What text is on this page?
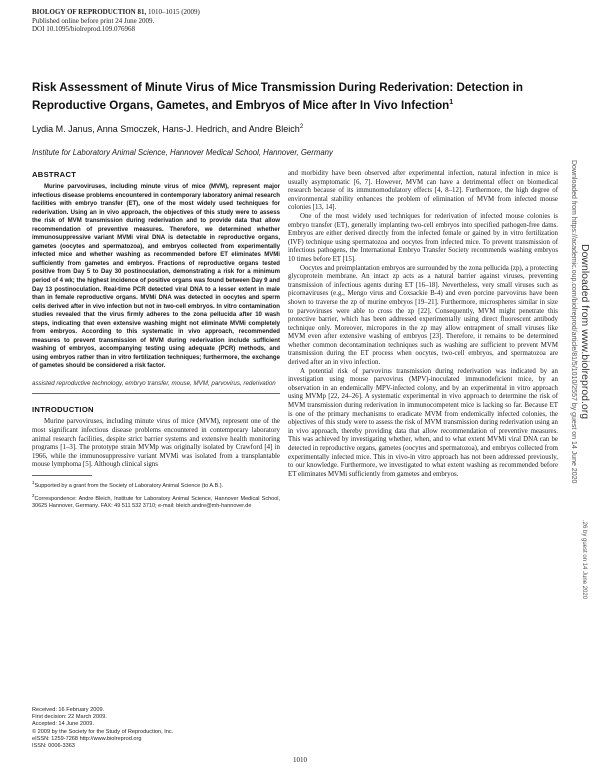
BIOLOGY OF REPRODUCTION 81, 1010–1015 (2009)
Published online before print 24 June 2009.
DOI 10.1095/biolreprod.109.076968
Risk Assessment of Minute Virus of Mice Transmission During Rederivation: Detection in Reproductive Organs, Gametes, and Embryos of Mice after In Vivo Infection$^1$
Lydia M. Janus, Anna Smoczek, Hans-J. Hedrich, and Andre Bleich$^2$
Institute for Laboratory Animal Science, Hannover Medical School, Hannover, Germany
ABSTRACT

Murine parvoviruses, including minute virus of mice (MVM), represent major infectious disease problems encountered in contemporary laboratory animal research facilities with embryo transfer (ET), one of the most widely used techniques for rederivation. Using an in vivo approach, the objectives of this study were to assess the risk of MVM transmission during rederivation and to provide data that allow recommendation of preventive measures. Therefore, we determined whether immunosuppressive variant MVMi viral DNA is detectable in reproductive organs, gametes (oocytes and spermatozoa), and embryos collected from experimentally infected mice and whether washing as recommended before ET eliminates MVMi sufficiently from gametes and embryos. Fractions of reproductive organs tested positive from Day 5 to Day 30 postinoculation, demonstrating a risk for a minimum period of 4 wk; the highest incidence of positive organs was found between Day 9 and Day 13 postinoculation. Real-time PCR detected viral DNA to a lesser extent in male than in female reproductive organs. MVMi DNA was detected in oocytes and sperm cells derived after in vivo infection but not in two-cell embryos. In vitro contamination studies revealed that the virus firmly adheres to the zona pellucida after 10 wash steps, indicating that even extensive washing might not eliminate MVMi completely from embryos. According to this systematic in vivo approach, recommended measures to prevent transmission of MVM during rederivation include sufficient washing of embryos, accompanying testing using adequate (PCR) methods, and using embryos rather than in vitro fertilization techniques; furthermore, the exchange of gametes should be considered a risk factor.

assisted reproductive technology, embryo transfer, mouse, MVM, parvovirus, rederivation

INTRODUCTION

Murine parvoviruses, including minute virus of mice (MVM), represent one of the most significant infectious disease problems encountered in contemporary laboratory animal research facilities, despite strict barrier systems and extensive health monitoring programs [1–3]. The prototype strain MVMp was originally isolated by Crawford [4] in 1966, while the immunosuppressive variant MVMi was isolated from a transplantable mouse lymphoma [5]. Although clinical signs

$^1$Supported by a grant from the Society of Laboratory Animal Science (to A.B.).

$^2$Correspondence: Andre Bleich, Institute for Laboratory Animal Science, Hannover Medical School, 30625 Hannover, Germany. FAX: 49 511 532 3710; e-mail: bleich.andre@mh-hannover.de

Received: 16 February 2009.
First decision: 22 March 2009.
Accepted: 14 June 2009.
© 2009 by the Society for the Study of Reproduction, Inc.
eISSN: 1259-7268 http://www.biolreprod.org
ISSN: 0006-3363

and morbidity have been observed after experimental infection, natural infection in mice is usually asymptomatic [6, 7]. However, MVM can have a detrimental effect on biomedical research because of its immunomodulatory effects [4, 8–12]. Furthermore, the high degree of environmental stability enhances the problem of elimination of MVM from infected mouse colonies [13, 14].

One of the most widely used techniques for rederivation of infected mouse colonies is embryo transfer (ET), generally implanting two-cell embryos into specified pathogen-free dams. Embryos are either derived directly from the infected female or gained by in vitro fertilization (IVF) technique using spermatozoa and oocytes from infected mice. To prevent transmission of infectious pathogens, the International Embryo Transfer Society recommends washing embryos 10 times before ET [15].

Oocytes and preimplantation embryos are surrounded by the zona pellucida (zp), a protecting glycoprotein membrane. An intact zp acts as a natural barrier against viruses, preventing transmission of infectious agents during ET [16–18]. Nevertheless, very small viruses such as picornaviruses (e.g., Mengo virus and Coxsackie B-4) and even porcine parvovirus have been shown to traverse the zp of murine embryos [19–21]. Furthermore, microspheres similar in size to parvoviruses were able to cross the zp [22]. Consequently, MVM might penetrate this protective barrier, which has been addressed experimentally using direct fluorescent antibody technique only. Moreover, micropores in the zp may allow entrapment of small viruses like MVM even after extensive washing of embryos [23]. Therefore, it remains to be determined whether common decontamination techniques such as washing are sufficient to prevent MVM transmission during the ET process when oocytes, two-cell embryos, and spermatozoa are derived after an in vivo infection.

A potential risk of parvovirus transmission during rederivation was indicated by an investigation using mouse parvovirus (MPV)-inoculated immunodeficient mice, by an observation in an endemically MPV-infected colony, and by an experimental in vitro approach using MVMp [22, 24–26]. A systematic experimental in vivo approach to determine the risk of MVM transmission during rederivation in immunocompetent mice is lacking so far. Because ET is one of the primary mechanisms to eradicate MVM from endemically infected colonies, the objectives of this study were to assess the risk of MVM transmission during rederivation using an in vivo approach, thereby providing data that allow recommendation of preventive measures. This was achieved by investigating whether, when, and to what extent MVMi viral DNA can be detected in reproductive organs, gametes (oocytes and spermatozoa), and embryos collected from experimentally infected mice. This in vivo-in vitro approach has not been addressed previously, to our knowledge. Furthermore, we investigated to what extent washing as recommended before ET eliminates MVMi sufficiently from gametes and embryos.

1010
Downloaded from https://academic.oup.com/biolreprod/article/81/5/1010/2557 by guest on 14 June 2020 Downloaded from www.biolreprod.org
.26 by guest on 14 June 2020
